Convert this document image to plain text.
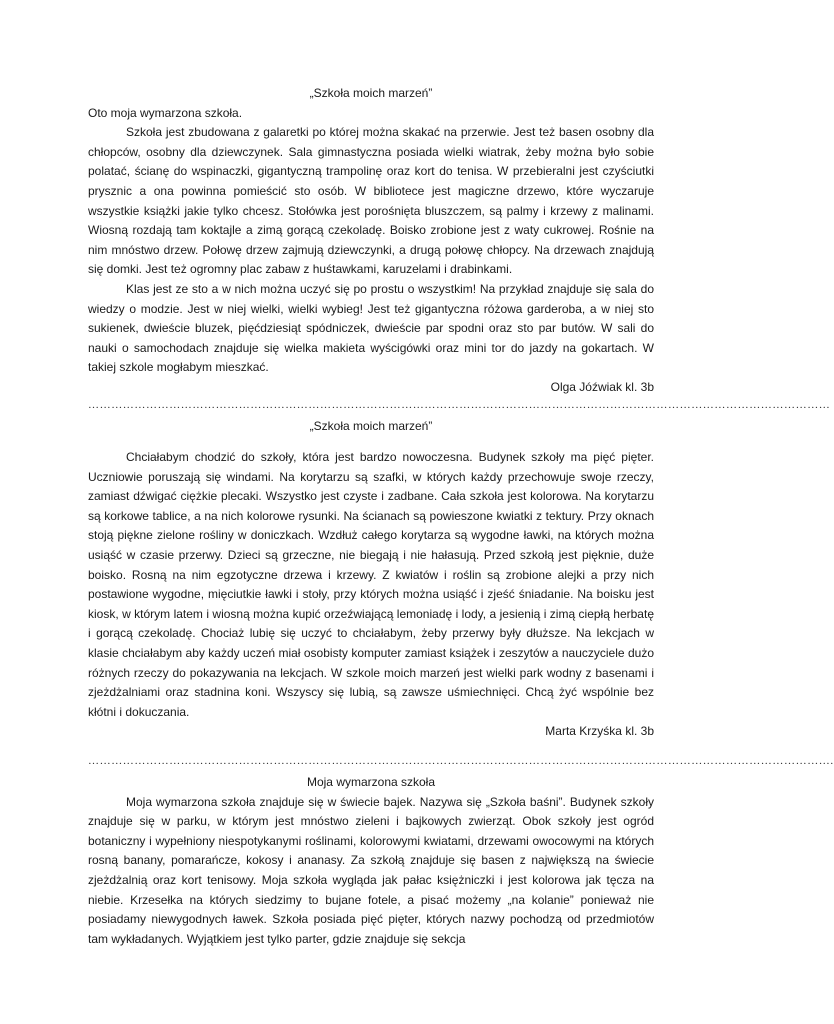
„Szkoła moich marzeń”

Oto moja wymarzona szkoła.

Szkoła jest zbudowana z galaretki po której można skakać na przerwie. Jest też basen osobny dla chłopców, osobny dla dziewczynek. Sala gimnastyczna posiada wielki wiatrak, żeby można było sobie polatać, ścianę do wspinaczki, gigantyczną trampolinę oraz kort do tenisa. W przebieralni jest czyściutki prysznic a ona powinna pomieścić sto osób. W bibliotece jest magiczne drzewo, które wyczaruje wszystkie książki jakie tylko chcesz. Stołówka jest porośnięta bluszczem, są palmy i krzewy z malinami. Wiosną rozdają tam koktajle a zimą gorącą czekoladę. Boisko zrobione jest z waty cukrowej. Rośnie na nim mnóstwo drzew. Połowę drzew zajmują dziewczynki, a drugą połowę chłopcy. Na drzewach znajdują się domki. Jest też ogromny plac zabaw z huśtawkami, karuzelami i drabinkami.

Klas jest ze sto a w nich można uczyć się po prostu o wszystkim! Na przykład znajduje się sala do wiedzy o modzie. Jest w niej wielki, wielki wybieg! Jest też gigantyczna różowa garderoba, a w niej sto sukienek, dwieście bluzek, pięćdziesiąt spódniczek, dwieście par spodni oraz sto par butów. W sali do nauki o samochodach znajduje się wielka makieta wyścigówki oraz mini tor do jazdy na gokartach. W takiej szkole mogłabym mieszkać.

Olga Jóźwiak kl. 3b

…………………………………………………………………………………………………………………………………………………………………………

„Szkoła moich marzeń”

Chciałabym chodzić do szkoły, która jest bardzo nowoczesna. Budynek szkoły ma pięć pięter. Uczniowie poruszają się windami. Na korytarzu są szafki, w których każdy przechowuje swoje rzeczy, zamiast dźwigać ciężkie plecaki. Wszystko jest czyste i zadbane. Cała szkoła jest kolorowa. Na korytarzu są korkowe tablice, a na nich kolorowe rysunki. Na ścianach są powieszone kwiatki z tektury. Przy oknach stoją piękne zielone rośliny w doniczkach. Wzdłuż całego korytarza są wygodne ławki, na których można usiąść w czasie przerwy. Dzieci są grzeczne, nie biegają i nie hałasują. Przed szkołą jest pięknie, duże boisko. Rosną na nim egzotyczne drzewa i krzewy. Z kwiatów i roślin są zrobione alejki a przy nich postawione wygodne, mięciutkie ławki i stoły, przy których można usiąść i zjeść śniadanie. Na boisku jest kiosk, w którym latem i wiosną można kupić orzeźwiającą lemoniadę i lody, a jesienią i zimą ciepłą herbatę i gorącą czekoladę. Chociaż lubię się uczyć to chciałabym, żeby przerwy były dłuższe. Na lekcjach w klasie chciałabym aby każdy uczeń miał osobisty komputer zamiast książek i zeszytów a nauczyciele dużo różnych rzeczy do pokazywania na lekcjach. W szkole moich marzeń jest wielki park wodny z basenami i zjeżdżalniami oraz stadnina koni. Wszyscy się lubią, są zawsze uśmiechnięci. Chcą żyć wspólnie bez kłótni i dokuczania.

Marta Krzyśka kl. 3b

………………………………………………………………………………………………………………………………………………………………………….

Moja wymarzona szkoła

Moja wymarzona szkoła znajduje się w świecie bajek. Nazywa się „Szkoła baśni”. Budynek szkoły znajduje się w parku, w którym jest mnóstwo zieleni i bajkowych zwierząt. Obok szkoły jest ogród botaniczny i wypełniony niespotykanymi roślinami, kolorowymi kwiatami, drzewami owocowymi na których rosną banany, pomarańcze, kokosy i ananasy. Za szkołą znajduje się basen z największą na świecie zjeżdżalnią oraz kort tenisowy. Moja szkoła wygląda jak pałac księżniczki i jest kolorowa jak tęcza na niebie. Krzesełka na których siedzimy to bujane fotele, a pisać możemy „na kolanie” ponieważ nie posiadamy niewygodnych ławek. Szkoła posiada pięć pięter, których nazwy pochodzą od przedmiotów tam wykładanych. Wyjątkiem jest tylko parter, gdzie znajduje się sekcja
